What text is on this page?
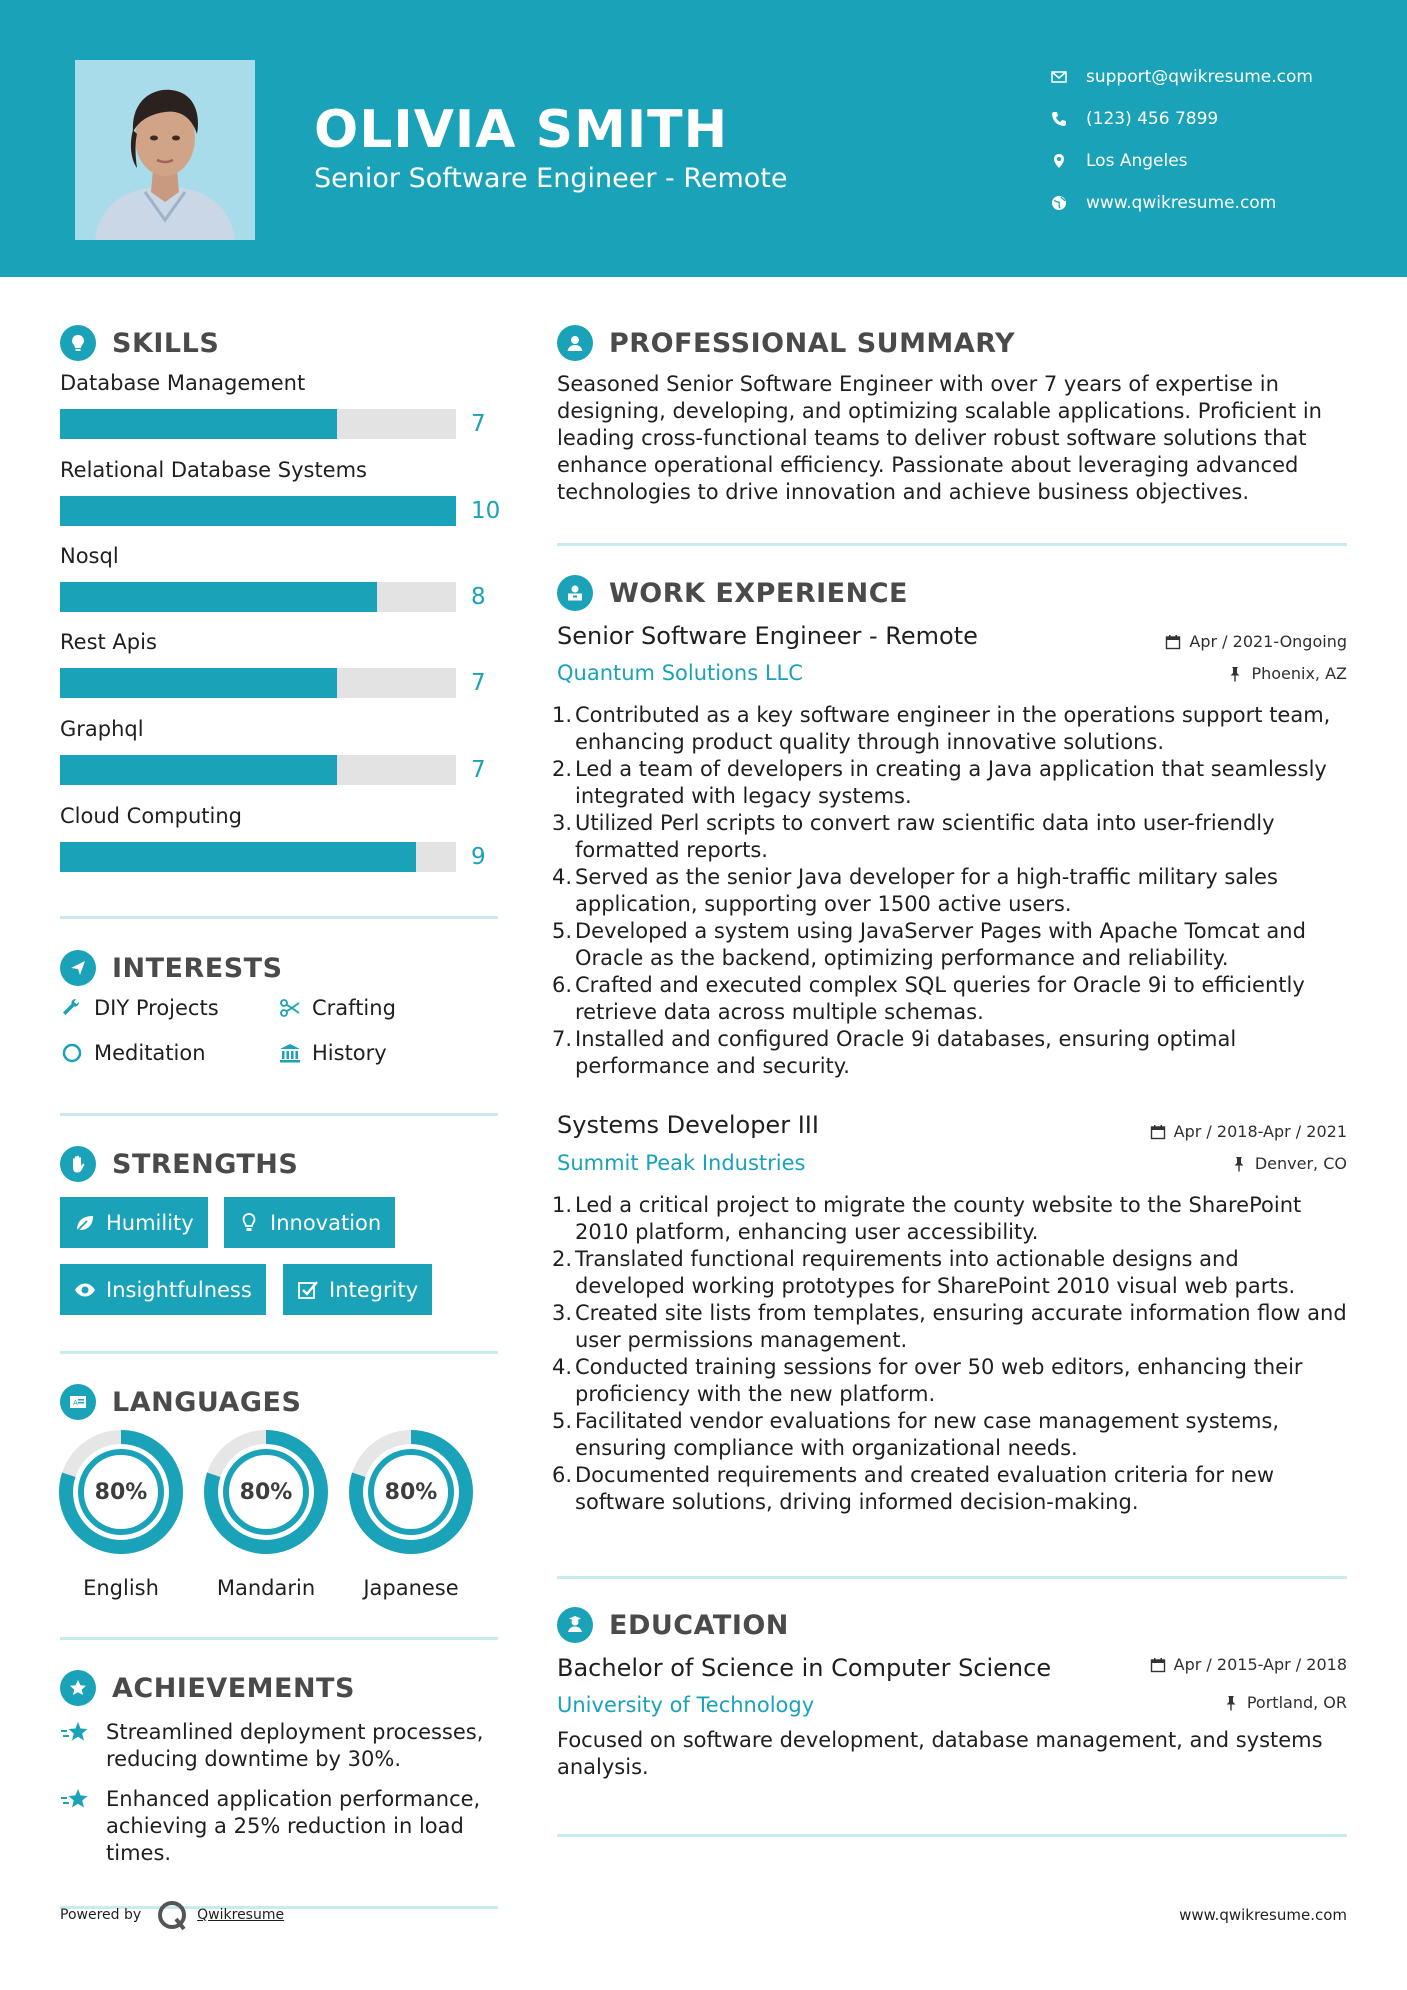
OLIVIA SMITH
Senior Software Engineer - Remote
support@qwikresume.com
(123) 456 7899
Los Angeles
www.qwikresume.com
SKILLS
Database Management
7
Relational Database Systems
10
Nosql
8
Rest Apis
7
Graphql
7
Cloud Computing
9
INTERESTS
DIY Projects	Crafting
Meditation	History
STRENGTHS
Humility	Innovation
Insightfulness	Integrity
A LANGUAGES
80%
English
80%
Mandarin
80%
Japanese
ACHIEVEMENTS
Streamlined deployment processes, reducing downtime by 30%.
Enhanced application performance, achieving a 25% reduction in load times.
PROFESSIONAL SUMMARY
Seasoned Senior Software Engineer with over 7 years of expertise in designing, developing, and optimizing scalable applications. Proficient in leading cross-functional teams to deliver robust software solutions that enhance operational efficiency. Passionate about leveraging advanced technologies to drive innovation and achieve business objectives.
WORK EXPERIENCE
Senior Software Engineer - Remote
Quantum Solutions LLC
Apr / 2021-Ongoing
Phoenix, AZ
1. Contributed as a key software engineer in the operations support team, enhancing product quality through innovative solutions.
2. Led a team of developers in creating a Java application that seamlessly integrated with legacy systems.
3. Utilized Perl scripts to convert raw scientific data into user-friendly formatted reports.
4. Served as the senior Java developer for a high-traffic military sales application, supporting over 1500 active users.
5. Developed a system using JavaServer Pages with Apache Tomcat and Oracle as the backend, optimizing performance and reliability.
6. Crafted and executed complex SQL queries for Oracle 9i to efficiently retrieve data across multiple schemas.
7. Installed and configured Oracle 9i databases, ensuring optimal performance and security.
Systems Developer III
Summit Peak Industries
Apr / 2018-Apr / 2021
Denver, CO
1. Led a critical project to migrate the county website to the SharePoint 2010 platform, enhancing user accessibility.
2. Translated functional requirements into actionable designs and developed working prototypes for SharePoint 2010 visual web parts.
3. Created site lists from templates, ensuring accurate information flow and user permissions management.
4. Conducted training sessions for over 50 web editors, enhancing their proficiency with the new platform.
5. Facilitated vendor evaluations for new case management systems, ensuring compliance with organizational needs.
6. Documented requirements and created evaluation criteria for new software solutions, driving informed decision-making.
EDUCATION
Bachelor of Science in Computer Science
University of Technology
Apr / 2015-Apr / 2018
Portland, OR
Focused on software development, database management, and systems analysis.
Powered by	Qwikresume	www.qwikresume.com
